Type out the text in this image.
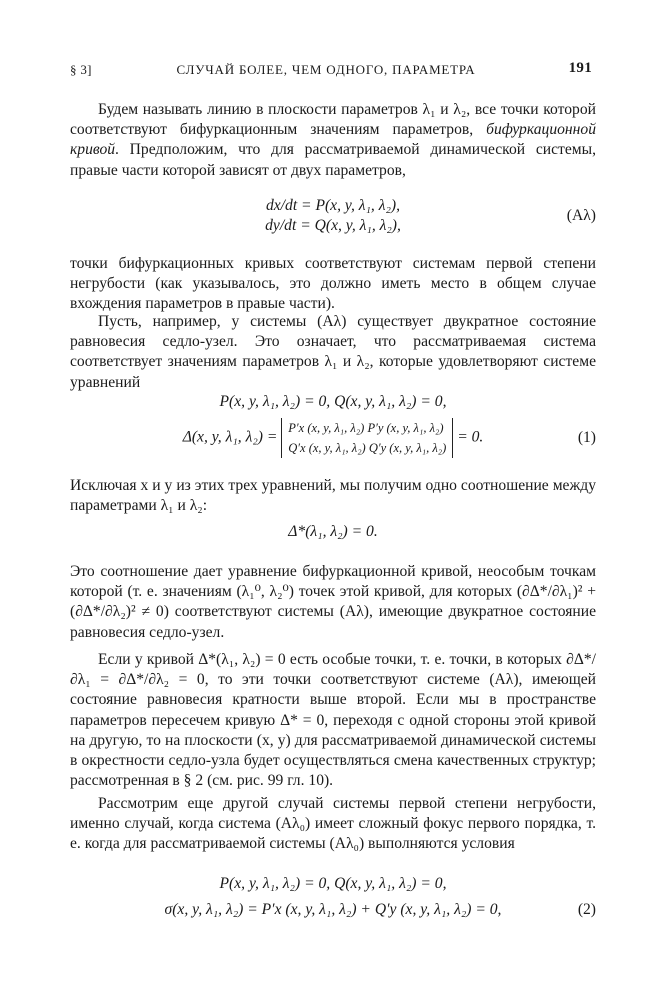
§ 3]	СЛУЧАЙ БОЛЕЕ, ЧЕМ ОДНОГО, ПАРАМЕТРА	191

Будем называть линию в плоскости параметров λ₁ и λ₂, все точки которой соответствуют бифуркационным значениям параметров, бифуркационной кривой. Предположим, что для рассматриваемой динамической системы, правые части которой зависят от двух параметров,

dx/dt = P(x, y, λ₁, λ₂),
dy/dt = Q(x, y, λ₁, λ₂),
(Aλ)

точки бифуркационных кривых соответствуют системам первой степени негрубости (как указывалось, это должно иметь место в общем случае вхождения параметров в правые части).

Пусть, например, у системы (Aλ) существует двукратное состояние равновесия седло-узел. Это означает, что рассматриваемая система соответствует значениям параметров λ₁ и λ₂, которые удовлетворяют системе уравнений

P(x, y, λ₁, λ₂) = 0, Q(x, y, λ₁, λ₂) = 0,
Δ(x, y, λ₁, λ₂) =
P′x (x, y, λ₁, λ₂) P′y (x, y, λ₁, λ₂)
Q′x (x, y, λ₁, λ₂) Q′y (x, y, λ₁, λ₂)
= 0.	(1)

Исключая x и y из этих трех уравнений, мы получим одно соотношение между параметрами λ₁ и λ₂:

Δ*(λ₁, λ₂) = 0.

Это соотношение дает уравнение бифуркационной кривой, неособым точкам которой (т. е. значениям (λ₁⁰, λ₂⁰) точек этой кривой, для которых (∂Δ*/∂λ₁)² + (∂Δ*/∂λ₂)² ≠ 0) соответствуют системы (Aλ), имеющие двукратное состояние равновесия седло-узел.

Если у кривой Δ*(λ₁, λ₂) = 0 есть особые точки, т. е. точки, в которых ∂Δ*/∂λ₁ = ∂Δ*/∂λ₂ = 0, то эти точки соответствуют системе (Aλ), имеющей состояние равновесия кратности выше второй. Если мы в пространстве параметров пересечем кривую Δ* = 0, переходя с одной стороны этой кривой на другую, то на плоскости (x, y) для рассматриваемой динамической системы в окрестности седло-узла будет осуществляться смена качественных структур; рассмотренная в § 2 (см. рис. 99 гл. 10).

Рассмотрим еще другой случай системы первой степени негрубости, именно случай, когда система (Aλ₀) имеет сложный фокус первого порядка, т. е. когда для рассматриваемой системы (Aλ₀) выполняются условия

P(x, y, λ₁, λ₂) = 0, Q(x, y, λ₁, λ₂) = 0,
σ(x, y, λ₁, λ₂) = P′x (x, y, λ₁, λ₂) + Q′y (x, y, λ₁, λ₂) = 0,	(2)
